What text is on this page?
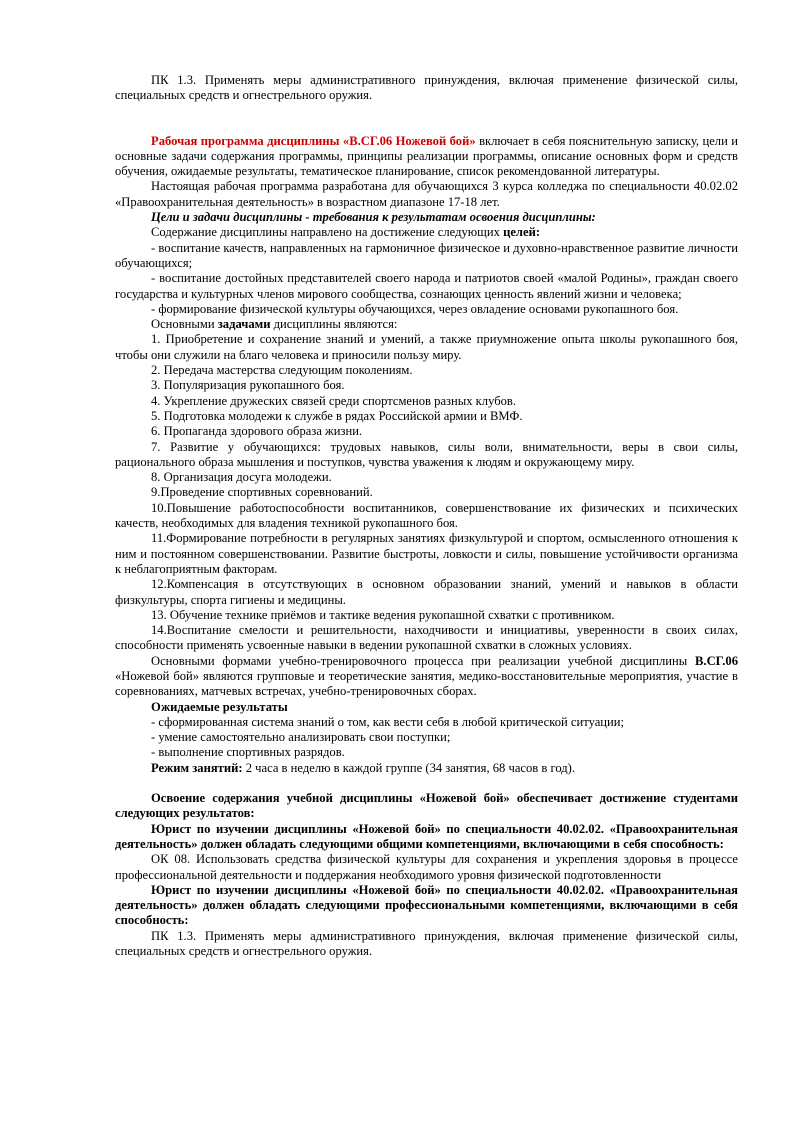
ПК 1.3. Применять меры административного принуждения, включая применение физической силы, специальных средств и огнестрельного оружия.

Рабочая программа дисциплины «В.СГ.06 Ножевой бой» включает в себя пояснительную записку, цели и основные задачи содержания программы, принципы реализации программы, описание основных форм и средств обучения, ожидаемые результаты, тематическое планирование, список рекомендованной литературы.

Настоящая рабочая программа разработана для обучающихся 3 курса колледжа по специальности 40.02.02 «Правоохранительная деятельность» в возрастном диапазоне 17-18 лет.

Цели и задачи дисциплины - требования к результатам освоения дисциплины:

Содержание дисциплины направлено на достижение следующих целей:

- воспитание качеств, направленных на гармоничное физическое и духовно-нравственное развитие личности обучающихся;

- воспитание достойных представителей своего народа и патриотов своей «малой Родины», граждан своего государства и культурных членов мирового сообщества, сознающих ценность явлений жизни и человека;

- формирование физической культуры обучающихся, через овладение основами рукопашного боя.

Основными задачами дисциплины являются:

1. Приобретение и сохранение знаний и умений, а также приумножение опыта школы рукопашного боя, чтобы они служили на благо человека и приносили пользу миру.

2. Передача мастерства следующим поколениям.

3. Популяризация рукопашного боя.

4. Укрепление дружеских связей среди спортсменов разных клубов.

5. Подготовка молодежи к службе в рядах Российской армии и ВМФ.

6. Пропаганда здорового образа жизни.

7. Развитие у обучающихся: трудовых навыков, силы воли, внимательности, веры в свои силы, рационального образа мышления и поступков, чувства уважения к людям и окружающему миру.

8. Организация досуга молодежи.

9.Проведение спортивных соревнований.

10.Повышение работоспособности воспитанников, совершенствование их физических и психических качеств, необходимых для владения техникой рукопашного боя.

11.Формирование потребности в регулярных занятиях физкультурой и спортом, осмысленного отношения к ним и постоянном совершенствовании. Развитие быстроты, ловкости и силы, повышение устойчивости организма к неблагоприятным факторам.

12.Компенсация в отсутствующих в основном образовании знаний, умений и навыков в области физкультуры, спорта гигиены и медицины.

13. Обучение технике приёмов и тактике ведения рукопашной схватки с противником.

14.Воспитание смелости и решительности, находчивости и инициативы, уверенности в своих силах, способности применять усвоенные навыки в ведении рукопашной схватки в сложных условиях.

Основными формами учебно-тренировочного процесса при реализации учебной дисциплины В.СГ.06 «Ножевой бой» являются групповые и теоретические занятия, медико-восстановительные мероприятия, участие в соревнованиях, матчевых встречах, учебно-тренировочных сборах.

Ожидаемые результаты

- сформированная система знаний о том, как вести себя в любой критической ситуации;

- умение самостоятельно анализировать свои поступки;

- выполнение спортивных разрядов.

Режим занятий: 2 часа в неделю в каждой группе (34 занятия, 68 часов в год).

Освоение содержания учебной дисциплины «Ножевой бой» обеспечивает достижение студентами следующих результатов:

Юрист по изучении дисциплины «Ножевой бой» по специальности 40.02.02. «Правоохранительная деятельность» должен обладать следующими общими компетенциями, включающими в себя способность:

ОК 08. Использовать средства физической культуры для сохранения и укрепления здоровья в процессе профессиональной деятельности и поддержания необходимого уровня физической подготовленности

Юрист по изучении дисциплины «Ножевой бой» по специальности 40.02.02. «Правоохранительная деятельность» должен обладать следующими профессиональными компетенциями, включающими в себя способность:

ПК 1.3. Применять меры административного принуждения, включая применение физической силы, специальных средств и огнестрельного оружия.
